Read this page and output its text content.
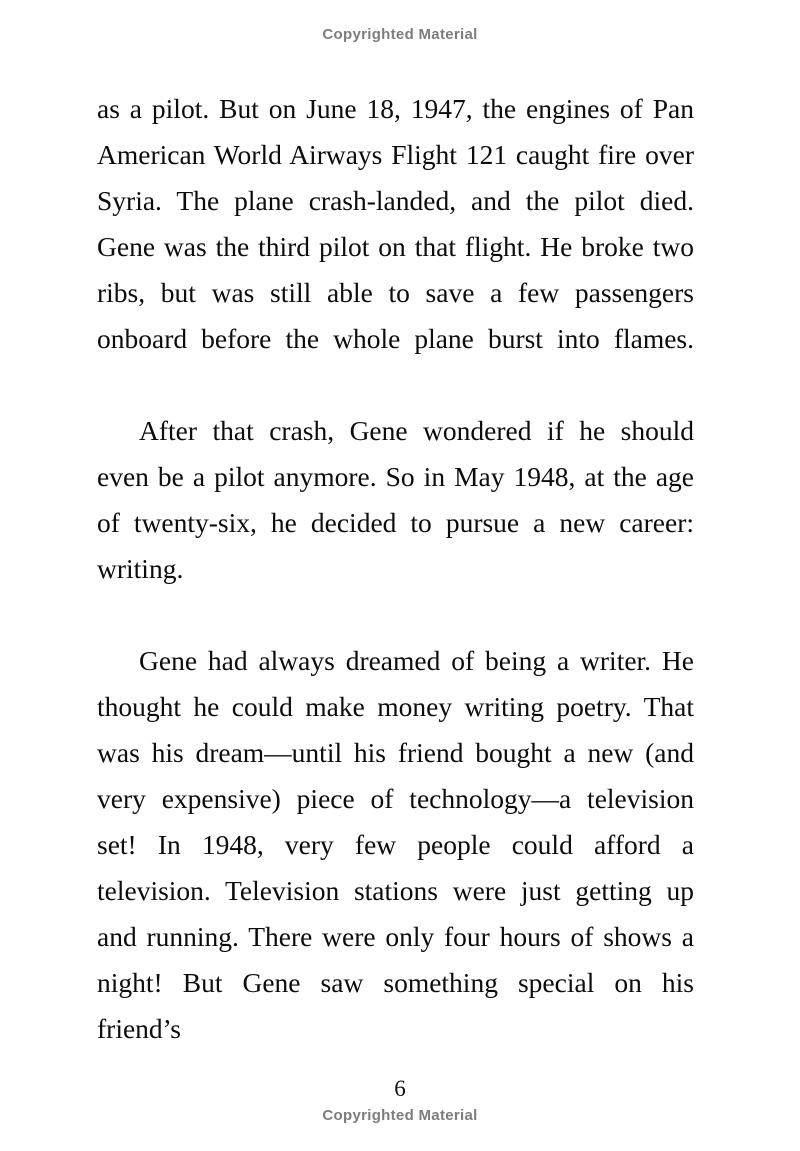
Copyrighted Material

as a pilot. But on June 18, 1947, the engines of Pan American World Airways Flight 121 caught fire over Syria. The plane crash-landed, and the pilot died. Gene was the third pilot on that flight. He broke two ribs, but was still able to save a few passengers onboard before the whole plane burst into flames.

After that crash, Gene wondered if he should even be a pilot anymore. So in May 1948, at the age of twenty-six, he decided to pursue a new career: writing.

Gene had always dreamed of being a writer. He thought he could make money writing poetry. That was his dream—until his friend bought a new (and very expensive) piece of technology—a television set! In 1948, very few people could afford a television. Television stations were just getting up and running. There were only four hours of shows a night! But Gene saw something special on his friend’s

6
Copyrighted Material
